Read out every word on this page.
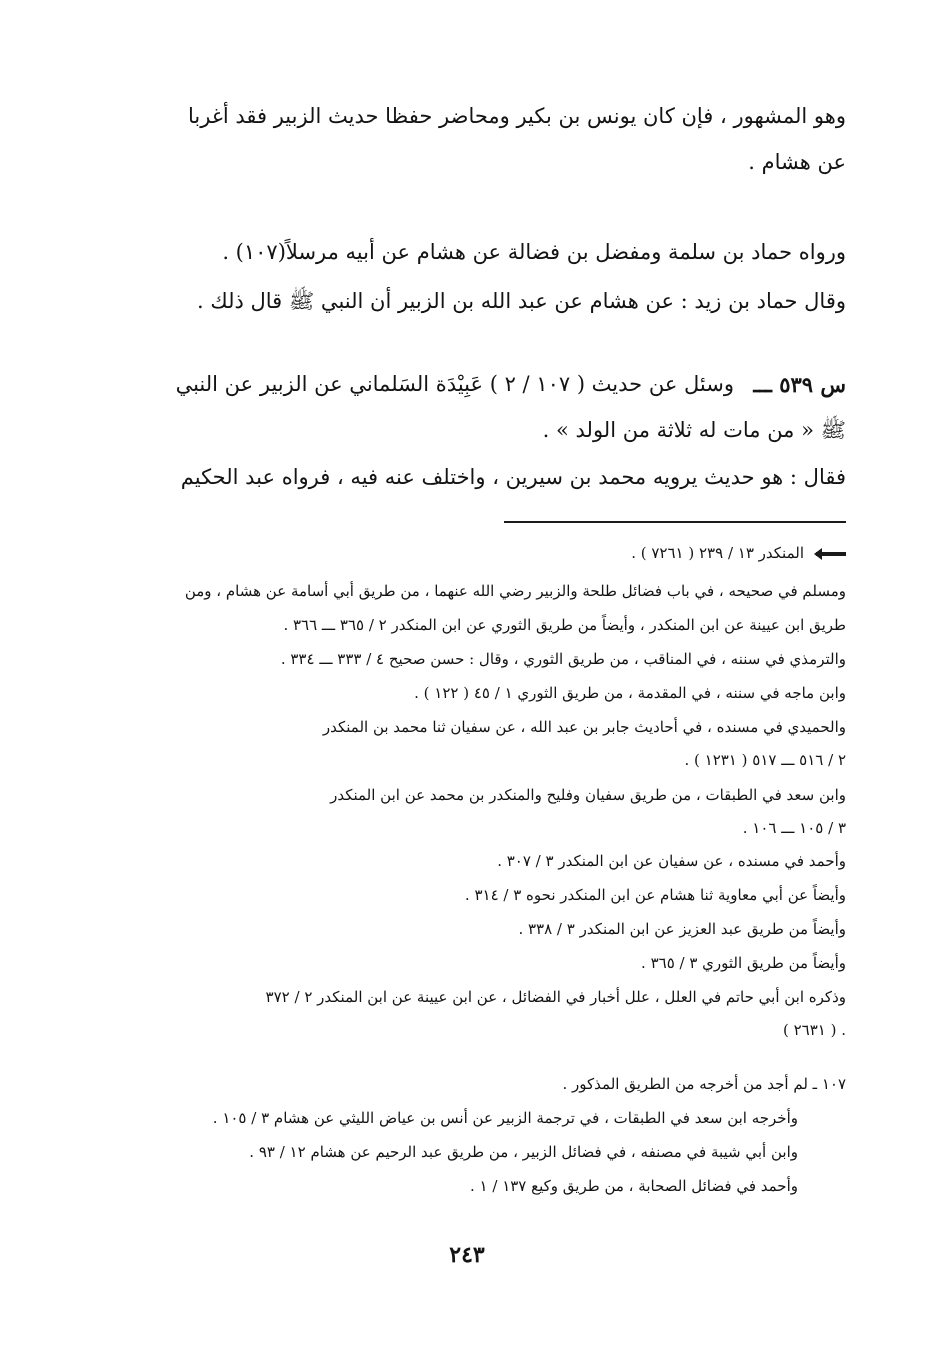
وهو المشهور ، فإن كان يونس بن بكير ومحاضر حفظا حديث الزبير فقد أغربا

عن هشام .

ورواه حماد بن سلمة ومفضل بن فضالة عن هشام عن أبيه مرسلاً(١٠٧) .

وقال حماد بن زيد : عن هشام عن عبد الله بن الزبير أن النبي ﷺ قال ذلك .

س ٥٣٩ ـــ

وسئل عن حديث ( ١٠٧ / ٢ ) عَبِيْدَة السَلماني عن الزبير عن النبي

ﷺ « من مات له ثلاثة من الولد » .

فقال : هو حديث يرويه محمد بن سيرين ، واختلف عنه فيه ، فرواه عبد الحكيم

المنكدر ١٣ / ٢٣٩ ( ٧٢٦١ ) .

ومسلم في صحيحه ، في باب فضائل طلحة والزبير رضي الله عنهما ، من طريق أبي أسامة عن هشام ، ومن

طريق ابن عيينة عن ابن المنكدر ، وأيضاً من طريق الثوري عن ابن المنكدر ٢ / ٣٦٥ ـــ ٣٦٦ .

والترمذي في سننه ، في المناقب ، من طريق الثوري ، وقال : حسن صحيح ٤ / ٣٣٣ ـــ ٣٣٤ .

وابن ماجه في سننه ، في المقدمة ، من طريق الثوري ١ / ٤٥ ( ١٢٢ ) .

والحميدي في مسنده ، في أحاديث جابر بن عبد الله ، عن سفيان ثنا محمد بن المنكدر

٢ / ٥١٦ ـــ ٥١٧ ( ١٢٣١ ) .

وابن سعد في الطبقات ، من طريق سفيان وفليح والمنكدر بن محمد عن ابن المنكدر

٣ / ١٠٥ ـــ ١٠٦ .

وأحمد في مسنده ، عن سفيان عن ابن المنكدر ٣ / ٣٠٧ .

وأيضاً عن أبي معاوية ثنا هشام عن ابن المنكدر نحوه ٣ / ٣١٤ .

وأيضاً من طريق عبد العزيز عن ابن المنكدر ٣ / ٣٣٨ .

وأيضاً من طريق الثوري ٣ / ٣٦٥ .

وذكره ابن أبي حاتم في العلل ، علل أخبار في الفضائل ، عن ابن عيينة عن ابن المنكدر ٢ / ٣٧٢

( ٢٦٣١ ) .

١٠٧ ـ لم أجد من أخرجه من الطريق المذكور .

وأخرجه ابن سعد في الطبقات ، في ترجمة الزبير عن أنس بن عياض الليثي عن هشام ٣ / ١٠٥ .

وابن أبي شيبة في مصنفه ، في فضائل الزبير ، من طريق عبد الرحيم عن هشام ١٢ / ٩٣ .

وأحمد في فضائل الصحابة ، من طريق وكيع ١٣٧ / ١ .

٢٤٣
